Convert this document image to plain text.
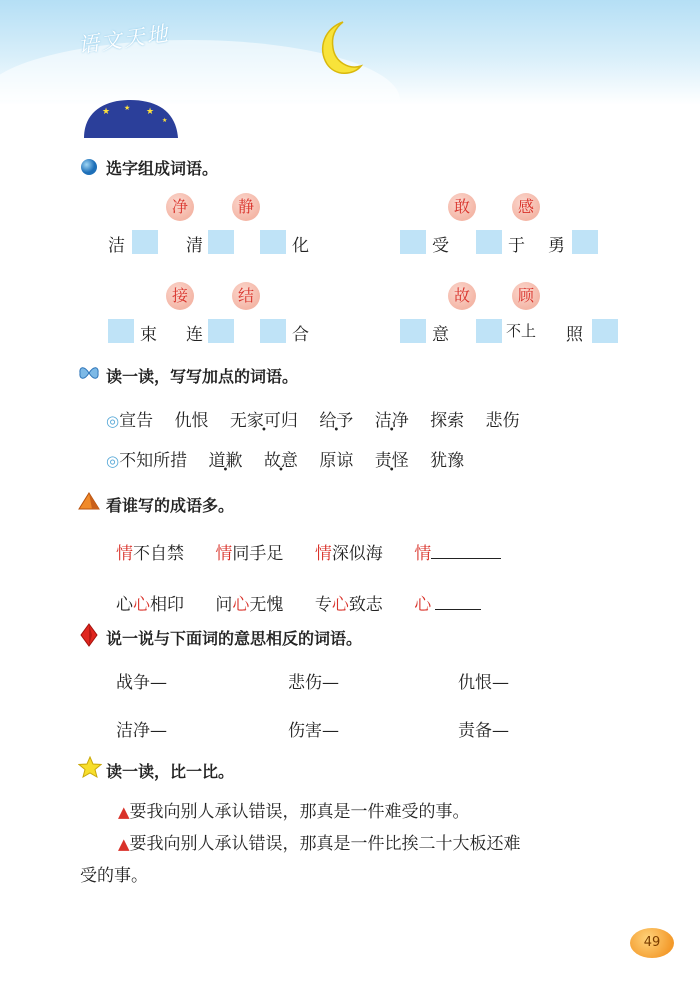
语文天地
★ ★ ★
★
选字组成词语。
净	静
洁	清	化
敢	感
受	于 勇
接	结
束 连	合
故	顾
意	不上 照
读一读，写写加点的词语。
◎宣告 仇恨 无家可归 给予 洁净 探索 悲伤
◎不知所措 道歉 故意 原谅 责怪 犹豫
看谁写的成语多。
情不自禁 情同手足 情深似海 情
心心相印 问心无愧 专心致志 心
说一说与下面词的意思相反的词语。
战争—	悲伤—	仇恨—
洁净—	伤害—	责备—
读一读，比一比。
▲要我向别人承认错误，那真是一件难受的事。
▲要我向别人承认错误，那真是一件比挨二十大板还难
受的事。
49
